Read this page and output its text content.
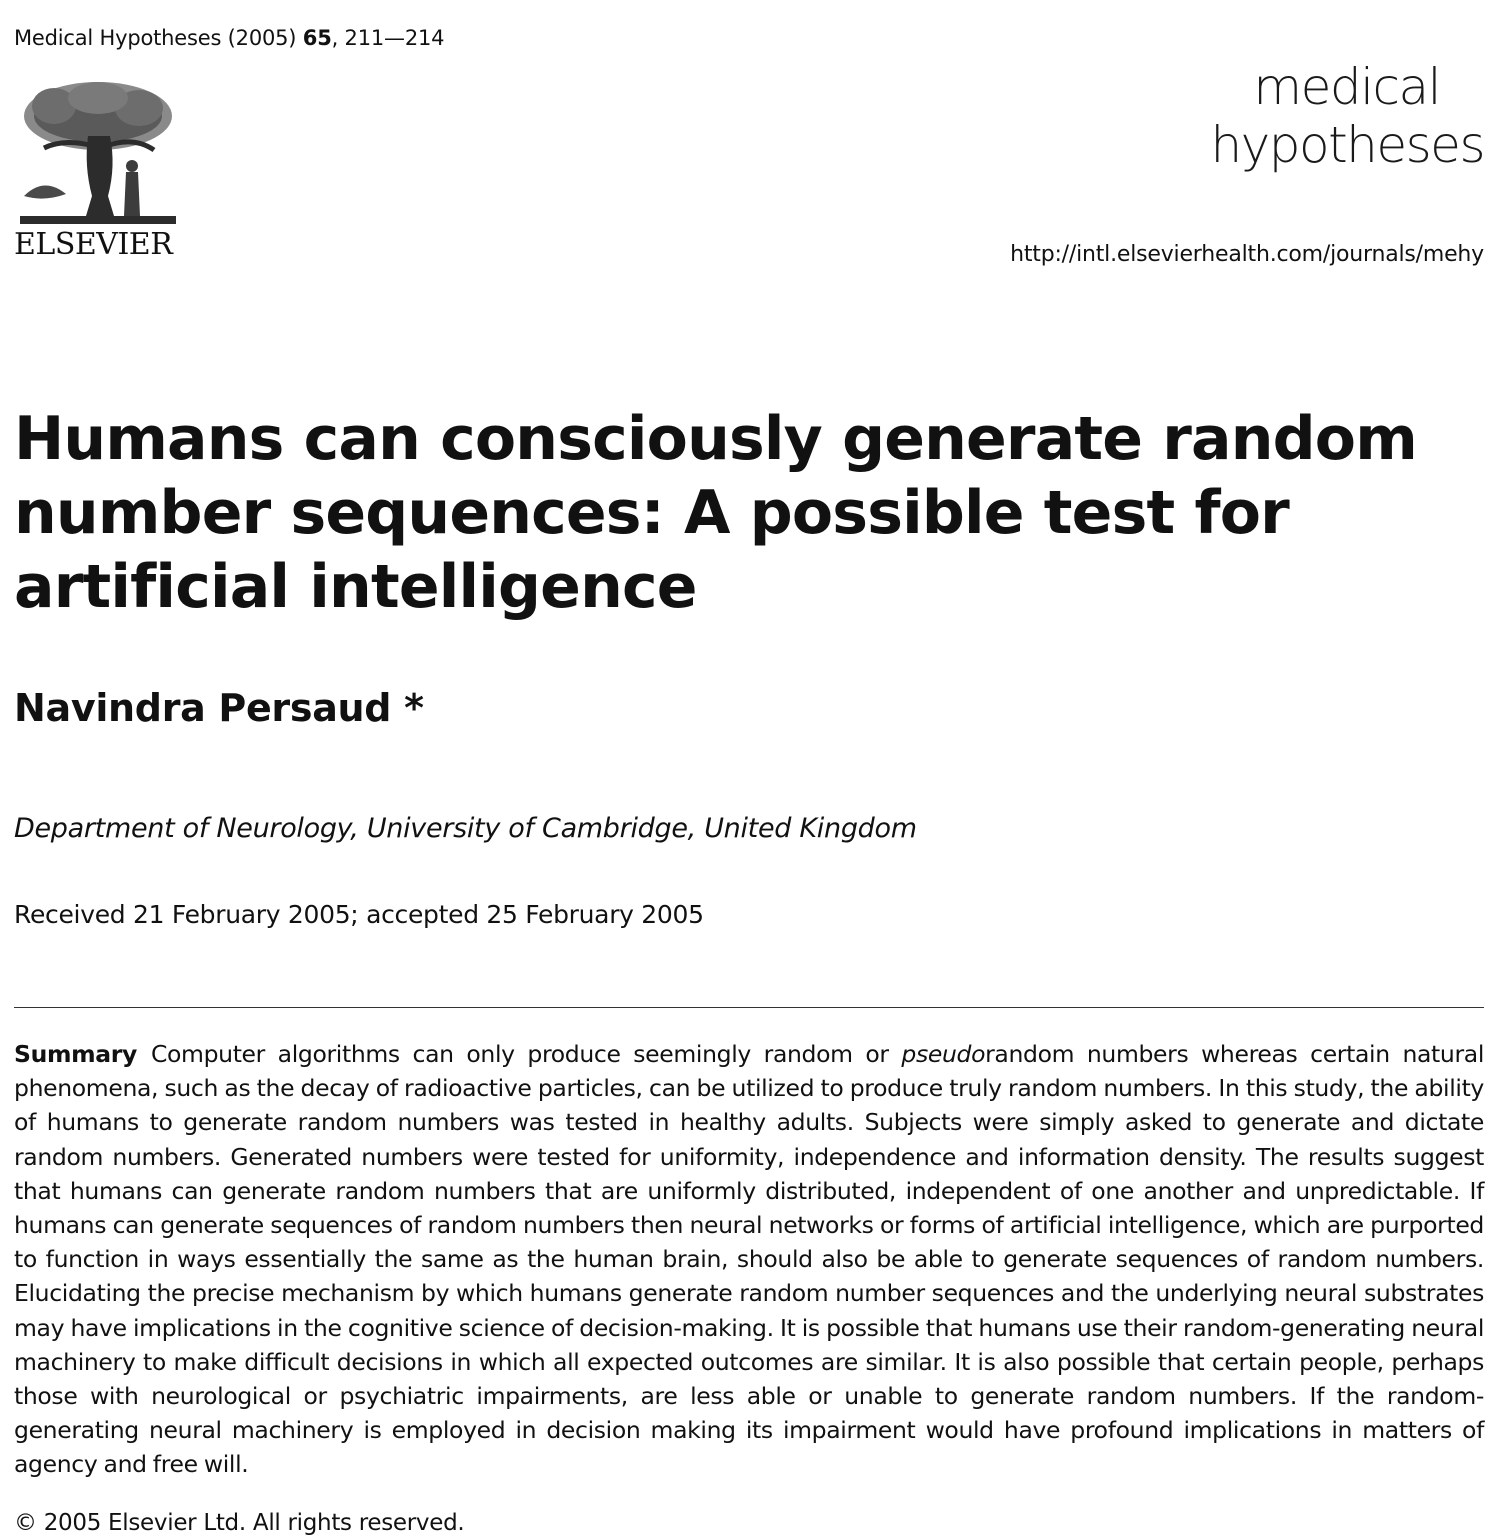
Medical Hypotheses (2005) 65, 211—214
ELSEVIER
medical
hypotheses
http://intl.elsevierhealth.com/journals/mehy
Humans can consciously generate random number sequences: A possible test for artificial intelligence
Navindra Persaud *
Department of Neurology, University of Cambridge, United Kingdom
Received 21 February 2005; accepted 25 February 2005
Summary Computer algorithms can only produce seemingly random or pseudorandom numbers whereas certain natural phenomena, such as the decay of radioactive particles, can be utilized to produce truly random numbers. In this study, the ability of humans to generate random numbers was tested in healthy adults. Subjects were simply asked to generate and dictate random numbers. Generated numbers were tested for uniformity, independence and information density. The results suggest that humans can generate random numbers that are uniformly distributed, independent of one another and unpredictable. If humans can generate sequences of random numbers then neural networks or forms of artificial intelligence, which are purported to function in ways essentially the same as the human brain, should also be able to generate sequences of random numbers. Elucidating the precise mechanism by which humans generate random number sequences and the underlying neural substrates may have implications in the cognitive science of decision-making. It is possible that humans use their random-generating neural machinery to make difficult decisions in which all expected outcomes are similar. It is also possible that certain people, perhaps those with neurological or psychiatric impairments, are less able or unable to generate random numbers. If the random-generating neural machinery is employed in decision making its impairment would have profound implications in matters of agency and free will.
© 2005 Elsevier Ltd. All rights reserved.
